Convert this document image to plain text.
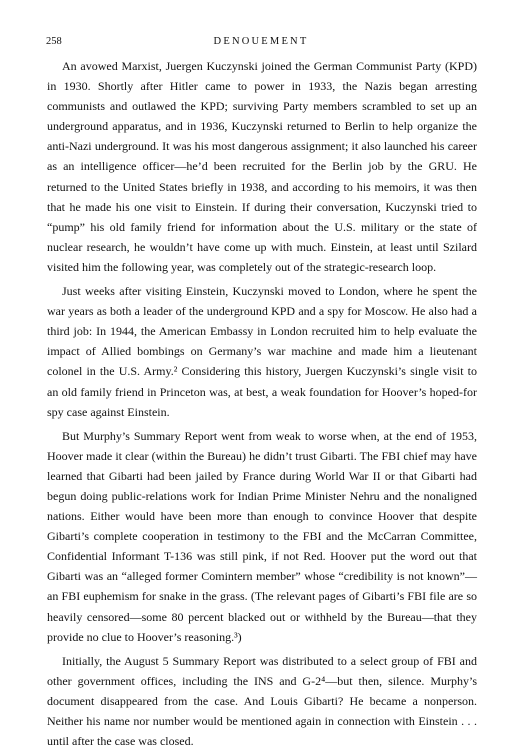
258	DENOUEMENT

An avowed Marxist, Juergen Kuczynski joined the German Communist Party (KPD) in 1930. Shortly after Hitler came to power in 1933, the Nazis began arresting communists and outlawed the KPD; surviving Party members scrambled to set up an underground apparatus, and in 1936, Kuczynski returned to Berlin to help organize the anti-Nazi underground. It was his most dangerous assignment; it also launched his career as an intelligence officer—he’d been recruited for the Berlin job by the GRU. He returned to the United States briefly in 1938, and according to his memoirs, it was then that he made his one visit to Einstein. If during their conversation, Kuczynski tried to “pump” his old family friend for information about the U.S. military or the state of nuclear research, he wouldn’t have come up with much. Einstein, at least until Szilard visited him the following year, was completely out of the strategic-research loop.

Just weeks after visiting Einstein, Kuczynski moved to London, where he spent the war years as both a leader of the underground KPD and a spy for Moscow. He also had a third job: In 1944, the American Embassy in London recruited him to help evaluate the impact of Allied bombings on Germany’s war machine and made him a lieutenant colonel in the U.S. Army.² Considering this history, Juergen Kuczynski’s single visit to an old family friend in Princeton was, at best, a weak foundation for Hoover’s hoped-for spy case against Einstein.

But Murphy’s Summary Report went from weak to worse when, at the end of 1953, Hoover made it clear (within the Bureau) he didn’t trust Gibarti. The FBI chief may have learned that Gibarti had been jailed by France during World War II or that Gibarti had begun doing public-relations work for Indian Prime Minister Nehru and the nonaligned nations. Either would have been more than enough to convince Hoover that despite Gibarti’s complete cooperation in testimony to the FBI and the McCarran Committee, Confidential Informant T-136 was still pink, if not Red. Hoover put the word out that Gibarti was an “alleged former Comintern member” whose “credibility is not known”—an FBI euphemism for snake in the grass. (The relevant pages of Gibarti’s FBI file are so heavily censored—some 80 percent blacked out or withheld by the Bureau—that they provide no clue to Hoover’s reasoning.³)

Initially, the August 5 Summary Report was distributed to a select group of FBI and other government offices, including the INS and G-2⁴—but then, silence. Murphy’s document disappeared from the case. And Louis Gibarti? He became a nonperson. Neither his name nor number would be mentioned again in connection with Einstein . . . until after the case was closed.
